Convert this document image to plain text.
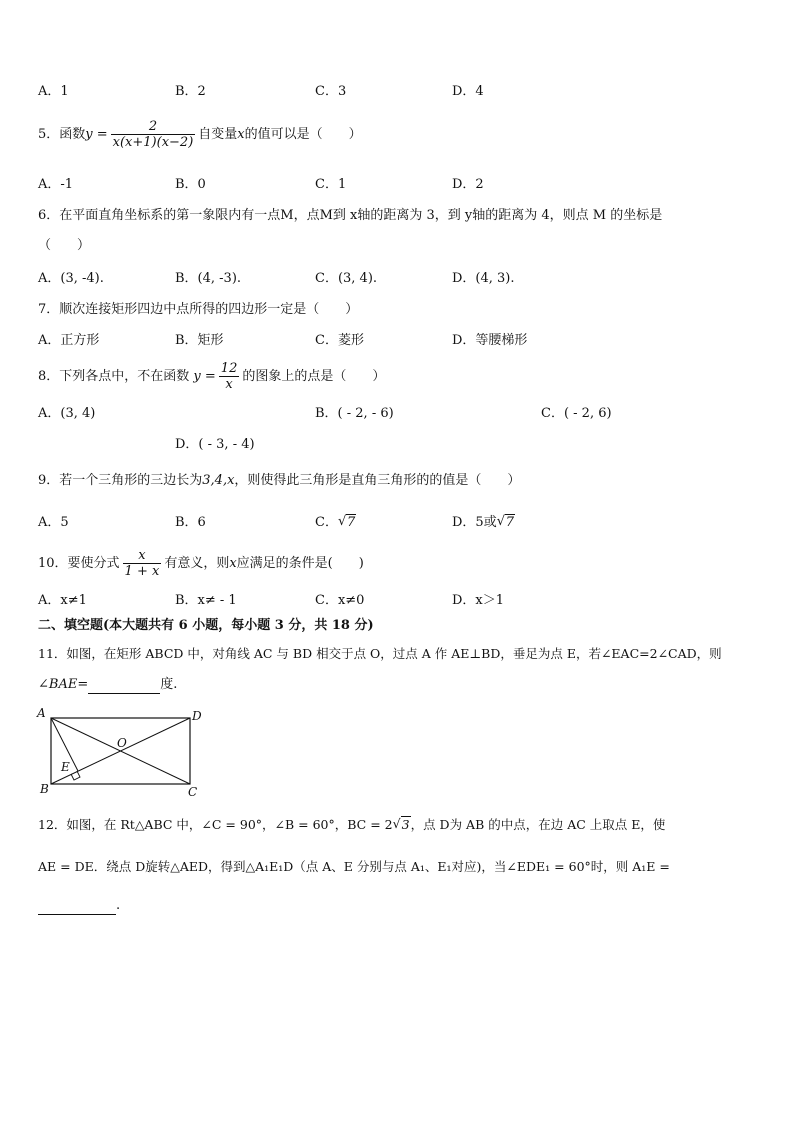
A．1	B．2	C．3	D．4
5．函数$y = \frac{2}{x(x+1)(x-2)}$ 自变量x的值可以是（　　）
A．-1	B．0	C．1	D．2
6．在平面直角坐标系的第一象限内有一点M，点M到 x轴的距离为 3，到 y轴的距离为 4，则点 M 的坐标是
（　　）
A．(3, -4).	B．(4, -3).	C．(3, 4).	D．(4, 3).
7．顺次连接矩形四边中点所得的四边形一定是（　　）
A．正方形	B．矩形	C．菱形	D．等腰梯形
8．下列各点中，不在函数 $y = \frac{12}{x}$ 的图象上的点是（　　）
A．(3, 4)	B．( - 2, - 6)	C．( - 2, 6)
D．( - 3, - 4)
9．若一个三角形的三边长为3,4,x，则使得此三角形是直角三角形的的值是（　　）
A．5	B．6	C． √ 7	D．5或 √ 7
10．要使分式 $\frac{x}{1 + x}$ 有意义，则x应满足的条件是(　　)
A．x≠1	B．x≠ - 1	C．x≠0	D．x＞1
二、填空题(本大题共有 6 小题，每小题 3 分，共 18 分)
11．如图，在矩形 ABCD 中，对角线 AC 与 BD 相交于点 O，过点 A 作 AE⊥BD，垂足为点 E，若∠EAC=2∠CAD，则
∠BAE=	度.
A	D
B	C
O
E
12．如图，在 Rt△ABC 中，∠C = 90°，∠B = 60°，BC = 2 √ 3，点 D为 AB 的中点，在边 AC 上取点 E，使
AE = DE．绕点 D旋转△AED，得到△A₁E₁D（点 A、E 分别与点 A₁、E₁对应)，当∠EDE₁ = 60°时，则 A₁E =
.
